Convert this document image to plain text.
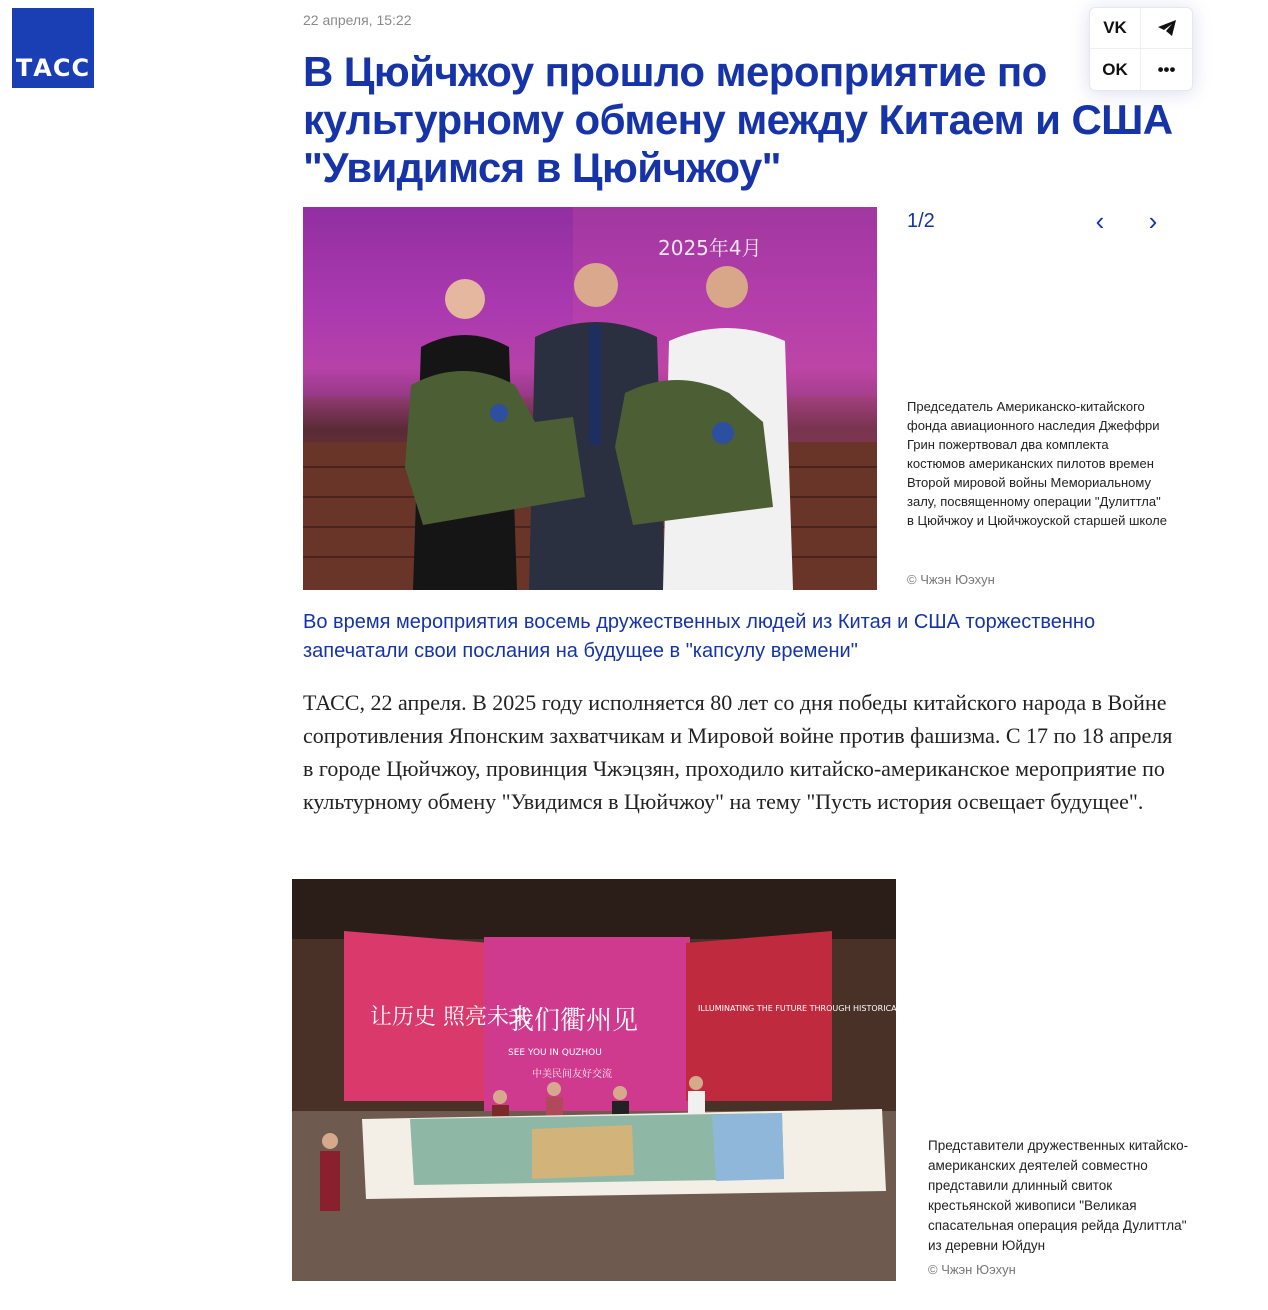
ТАСС
22 апреля, 15:22	VK
OK	•••
В Цюйчжоу прошло мероприятие по культурному обмену между Китаем и США "Увидимся в Цюйчжоу"
2025年4月
1/2	‹ ›
Председатель Американско-китайского фонда авиационного наследия Джеффри Грин пожертвовал два комплекта костюмов американских пилотов времен Второй мировой войны Мемориальному залу, посвященному операции "Дулиттла" в Цюйчжоу и Цюйчжоуской старшей школе
© Чжэн Юэхун
Во время мероприятия восемь дружественных людей из Китая и США торжественно запечатали свои послания на будущее в "капсулу времени"
ТАСС, 22 апреля. В 2025 году исполняется 80 лет со дня победы китайского народа в Войне сопротивления Японским захватчикам и Мировой войне против фашизма. С 17 по 18 апреля в городе Цюйчжоу, провинция Чжэцзян, проходило китайско-американское мероприятие по культурному обмену "Увидимся в Цюйчжоу" на тему "Пусть история освещает будущее".
让历史 照亮未来
我们衢州见
SEE YOU IN QUZHOU
中美民间友好交流
ILLUMINATING THE FUTURE THROUGH HISTORICAL RECONCILIATION
Представители дружественных китайско-американских деятелей совместно представили длинный свиток крестьянской живописи "Великая спасательная операция рейда Дулиттла" из деревни Юйдун
© Чжэн Юэхун
